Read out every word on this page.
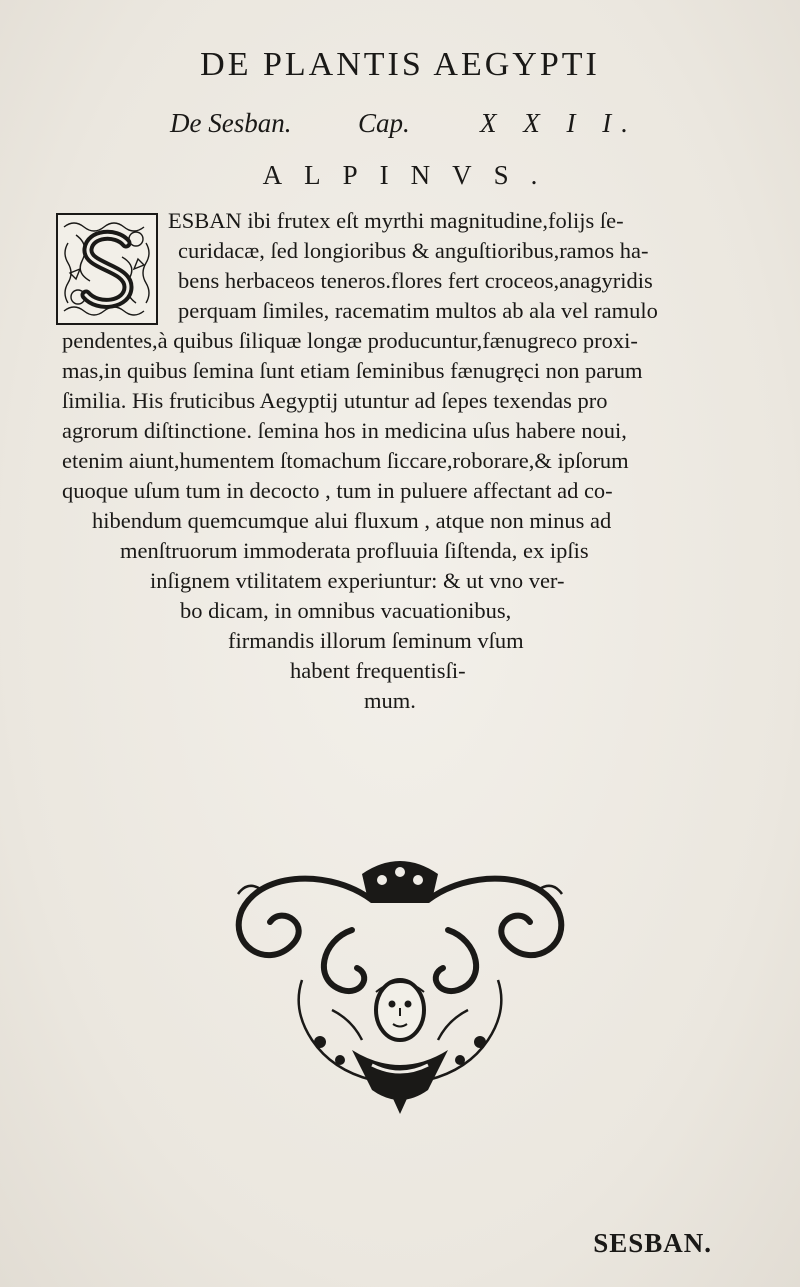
DE PLANTIS AEGYPTI
De Sesban. Cap.	X X I I.
ALPINVS.
ESBAN ibi frutex eſt myrthi magnitudine,folijs ſe-
curidacæ, ſed longioribus & anguſtioribus,ramos ha-
bens herbaceos teneros.flores fert croceos,anagyridis
perquam ſimiles, racematim multos ab ala vel ramulo
pendentes,à quibus ſiliquæ longæ producuntur,fænugreco proxi-
mas,in quibus ſemina ſunt etiam ſeminibus fænugręci non parum
ſimilia. His fruticibus Aegyptij utuntur ad ſepes texendas pro
agrorum diſtinctione. ſemina hos in medicina uſus habere noui,
etenim aiunt,humentem ſtomachum ſiccare,roborare,& ipſorum
quoque uſum tum in decocto , tum in puluere affectant ad co-
hibendum quemcumque alui fluxum , atque non minus ad
menſtruorum immoderata profluuia ſiſtenda, ex ipſis
inſignem vtilitatem experiuntur: & ut vno ver-
bo dicam, in omnibus vacuationibus,
firmandis illorum ſeminum vſum
habent frequentisſi-
mum.
SESBAN.
